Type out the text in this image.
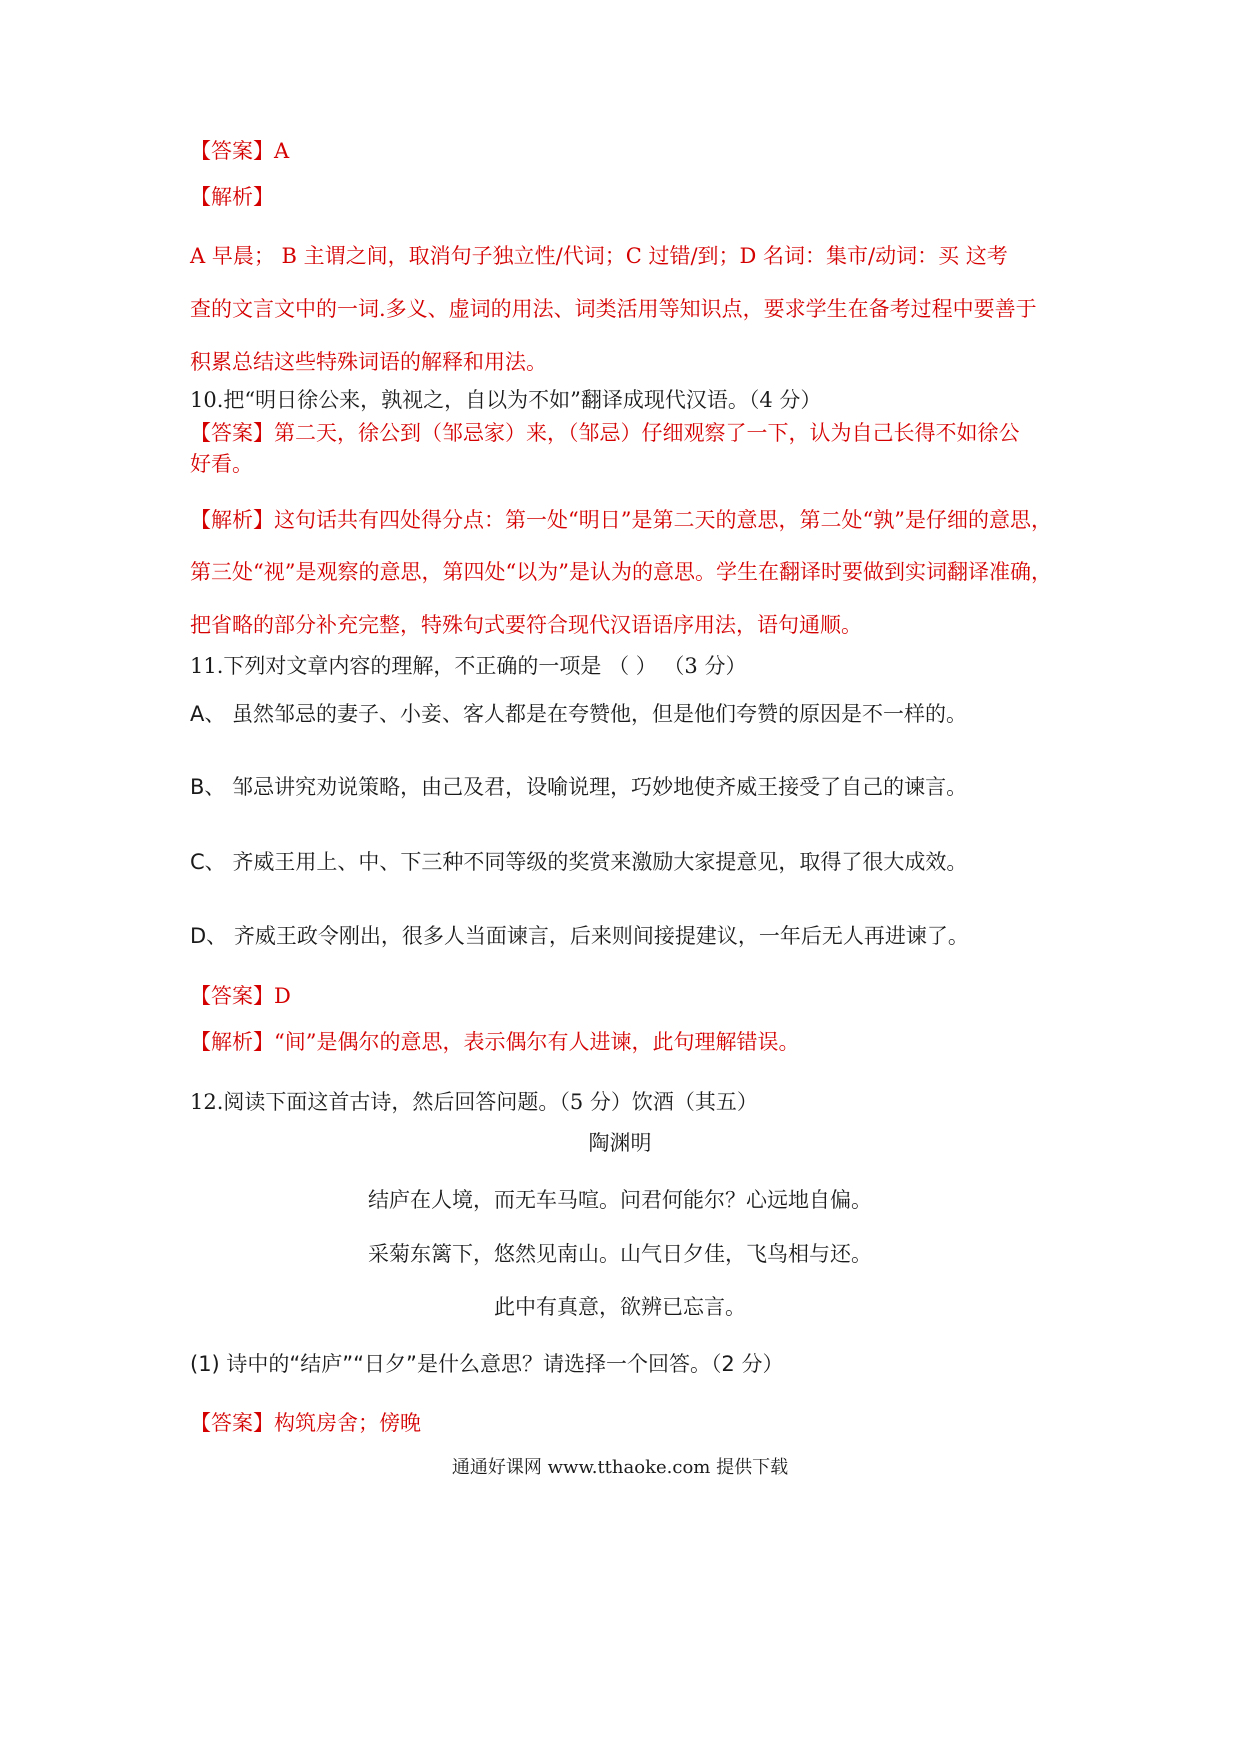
【答案】A
【解析】
A 早晨； B 主谓之间，取消句子独立性/代词；C 过错/到；D 名词：集市/动词：买 这考
查的文言文中的一词.多义、虚词的用法、词类活用等知识点，要求学生在备考过程中要善于
积累总结这些特殊词语的解释和用法。
10.把“明日徐公来，孰视之，自以为不如”翻译成现代汉语。（4 分）
【答案】第二天，徐公到（邹忌家）来，（邹忌）仔细观察了一下，认为自己长得不如徐公
好看。
【解析】这句话共有四处得分点：第一处“明日”是第二天的意思，第二处“孰”是仔细的意思，
第三处“视”是观察的意思，第四处“以为”是认为的意思。学生在翻译时要做到实词翻译准确，
把省略的部分补充完整，特殊句式要符合现代汉语语序用法，语句通顺。
11.下列对文章内容的理解，不正确的一项是 （ ） （3 分）
A、 虽然邹忌的妻子、小妾、客人都是在夸赞他，但是他们夸赞的原因是不一样的。
B、 邹忌讲究劝说策略，由己及君，设喻说理，巧妙地使齐威王接受了自己的谏言。
C、 齐威王用上、中、下三种不同等级的奖赏来激励大家提意见，取得了很大成效。
D、 齐威王政令刚出，很多人当面谏言，后来则间接提建议，一年后无人再进谏了。
【答案】D
【解析】“间”是偶尔的意思，表示偶尔有人进谏，此句理解错误。
12.阅读下面这首古诗，然后回答问题。（5 分）饮酒（其五）
陶渊明
结庐在人境，而无车马喧。问君何能尔？心远地自偏。
采菊东篱下，悠然见南山。山气日夕佳，飞鸟相与还。
此中有真意，欲辨已忘言。
(1) 诗中的“结庐”“日夕”是什么意思？请选择一个回答。（2 分）
【答案】构筑房舍；傍晚
通通好课网 www.tthaoke.com 提供下载
